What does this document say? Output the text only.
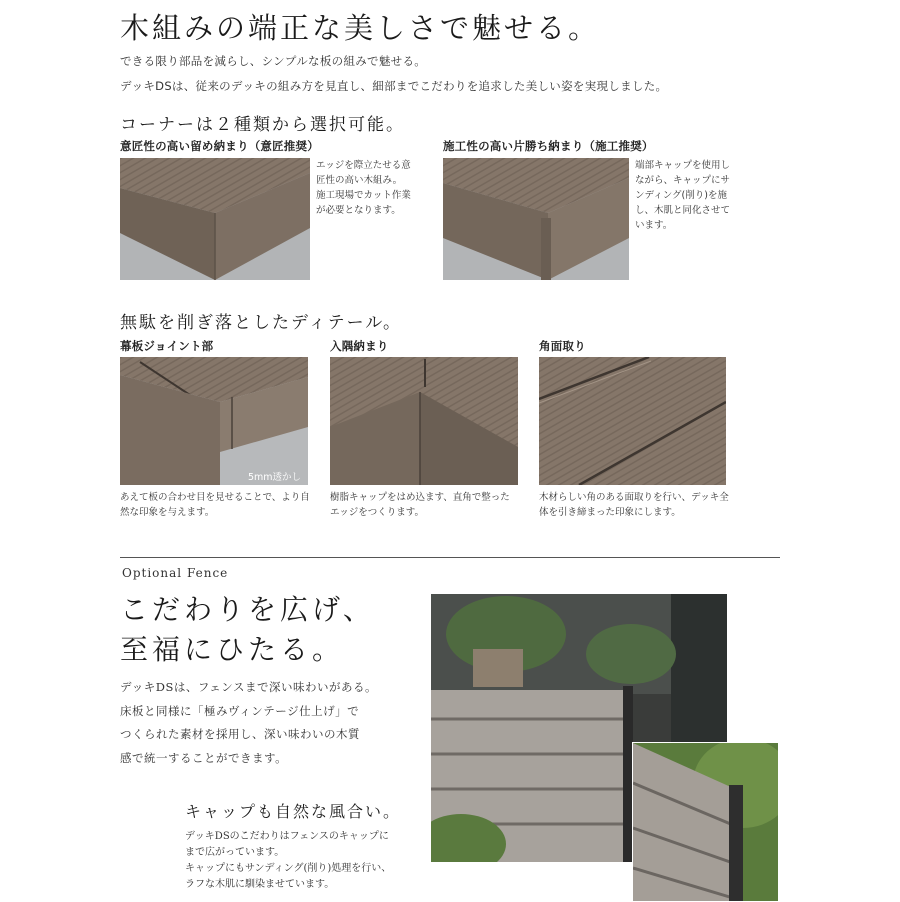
木組みの端正な美しさで魅せる。
できる限り部品を減らし、シンプルな板の組みで魅せる。
デッキDSは、従来のデッキの組み方を見直し、細部までこだわりを追求した美しい姿を実現しました。
コーナーは２種類から選択可能。
意匠性の高い留め納まり（意匠推奨）
エッジを際立たせる意
匠性の高い木組み。
施工現場でカット作業
が必要となります。
施工性の高い片勝ち納まり（施工推奨）
端部キャップを使用し
ながら、キャップにサ
ンディング(削り)を施
し、木肌と同化させて
います。
無駄を削ぎ落としたディテール。
幕板ジョイント部
5mm透かし
あえて板の合わせ目を見せることで、より自
然な印象を与えます。
入隅納まり
樹脂キャップをはめ込ます、直角で整った
エッジをつくります。
角面取り
木材らしい角のある面取りを行い、デッキ全
体を引き締まった印象にします。
Optional Fence
こだわりを広げ、
至福にひたる。
デッキDSは、フェンスまで深い味わいがある。
床板と同様に「極みヴィンテージ仕上げ」で
つくられた素材を採用し、深い味わいの木質
感で統一することができます。
キャップも自然な風合い。
デッキDSのこだわりはフェンスのキャップに
まで広がっています。
キャップにもサンディング(削り)処理を行い、
ラフな木肌に馴染ませています。
